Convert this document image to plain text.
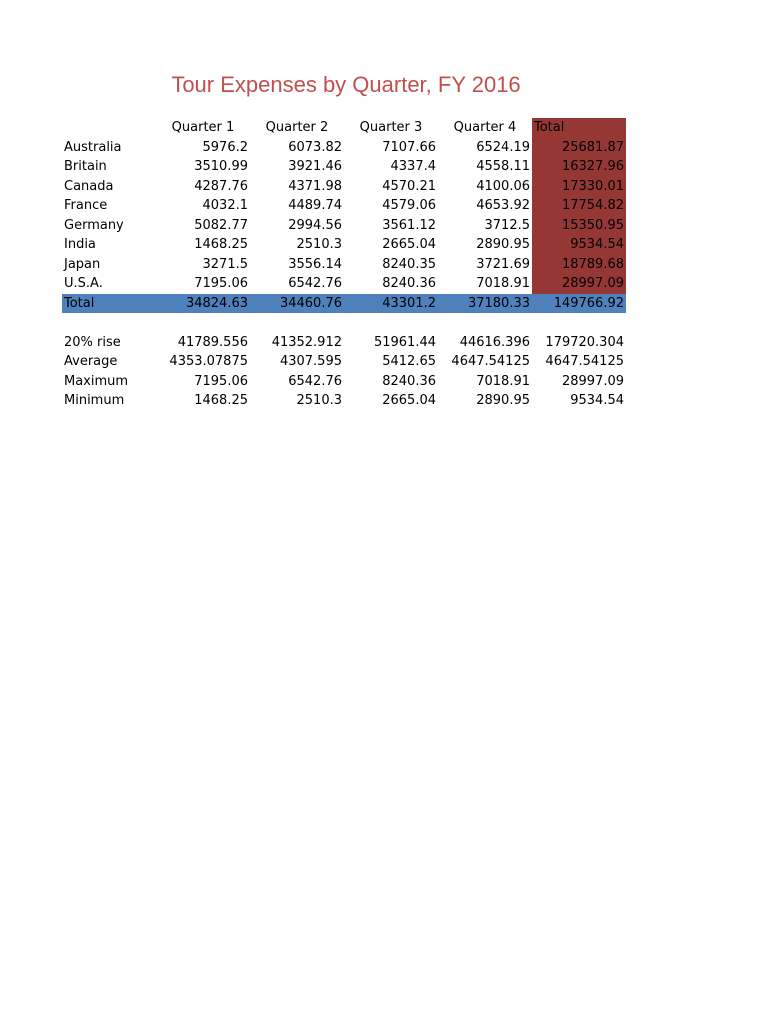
Tour Expenses by Quarter, FY 2016
	Quarter 1	Quarter 2	Quarter 3	Quarter 4	Total
Australia	5976.2	6073.82	7107.66	6524.19	25681.87
Britain	3510.99	3921.46	4337.4	4558.11	16327.96
Canada	4287.76	4371.98	4570.21	4100.06	17330.01
France	4032.1	4489.74	4579.06	4653.92	17754.82
Germany	5082.77	2994.56	3561.12	3712.5	15350.95
India	1468.25	2510.3	2665.04	2890.95	9534.54
Japan	3271.5	3556.14	8240.35	3721.69	18789.68
U.S.A.	7195.06	6542.76	8240.36	7018.91	28997.09
Total	34824.63	34460.76	43301.2	37180.33	149766.92

20% rise	41789.556	41352.912	51961.44	44616.396	179720.304
Average	4353.07875	4307.595	5412.65	4647.54125	4647.54125
Maximum	7195.06	6542.76	8240.36	7018.91	28997.09
Minimum	1468.25	2510.3	2665.04	2890.95	9534.54
